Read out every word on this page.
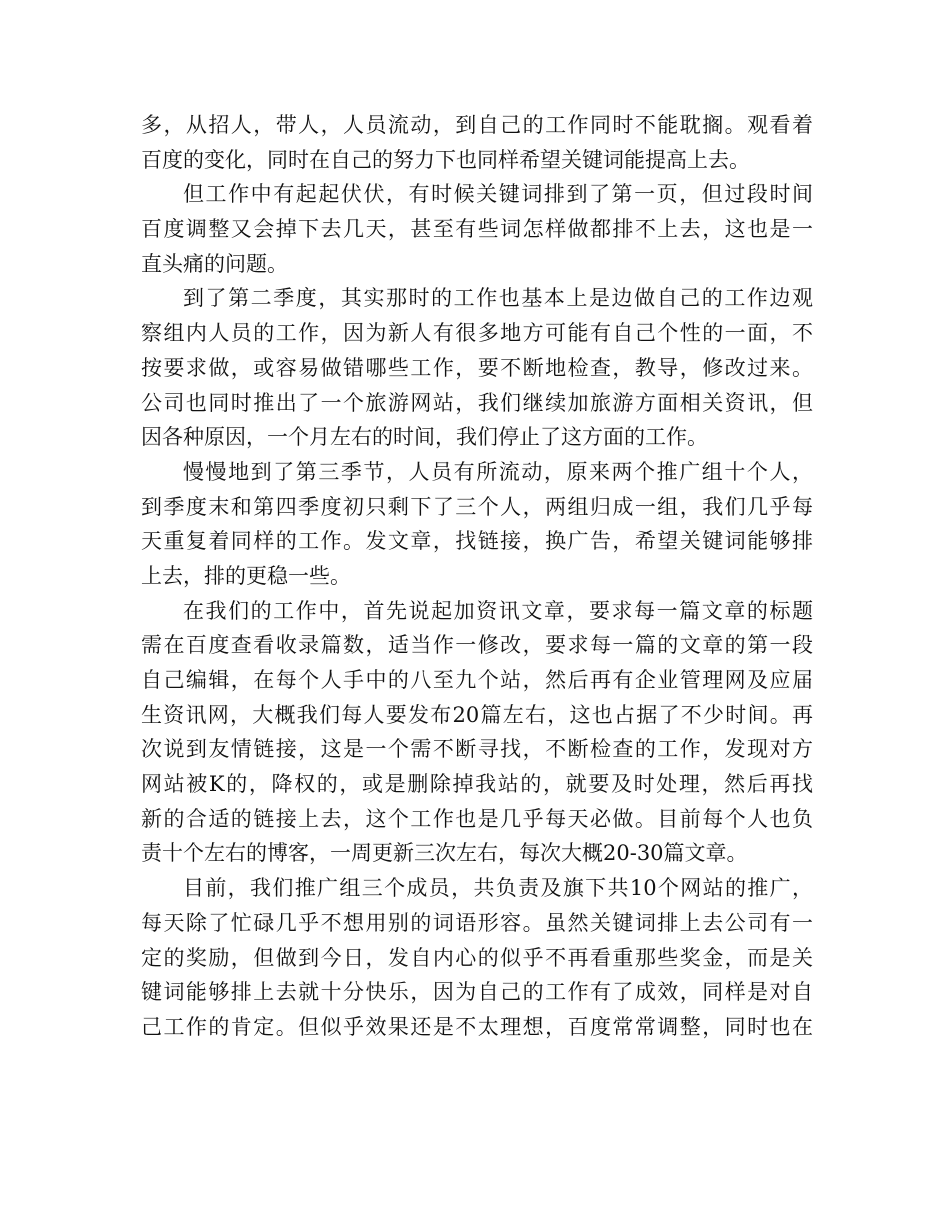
多，从招人，带人，人员流动，到自己的工作同时不能耽搁。观看着
百度的变化，同时在自己的努力下也同样希望关键词能提高上去。
但工作中有起起伏伏，有时候关键词排到了第一页，但过段时间
百度调整又会掉下去几天，甚至有些词怎样做都排不上去，这也是一
直头痛的问题。
到了第二季度，其实那时的工作也基本上是边做自己的工作边观
察组内人员的工作，因为新人有很多地方可能有自己个性的一面，不
按要求做，或容易做错哪些工作，要不断地检查，教导，修改过来。
公司也同时推出了一个旅游网站，我们继续加旅游方面相关资讯，但
因各种原因，一个月左右的时间，我们停止了这方面的工作。
慢慢地到了第三季节，人员有所流动，原来两个推广组十个人，
到季度末和第四季度初只剩下了三个人，两组归成一组，我们几乎每
天重复着同样的工作。发文章，找链接，换广告，希望关键词能够排
上去，排的更稳一些。
在我们的工作中，首先说起加资讯文章，要求每一篇文章的标题
需在百度查看收录篇数，适当作一修改，要求每一篇的文章的第一段
自己编辑，在每个人手中的八至九个站，然后再有企业管理网及应届
生资讯网，大概我们每人要发布20篇左右，这也占据了不少时间。再
次说到友情链接，这是一个需不断寻找，不断检查的工作，发现对方
网站被K的，降权的，或是删除掉我站的，就要及时处理，然后再找
新的合适的链接上去，这个工作也是几乎每天必做。目前每个人也负
责十个左右的博客，一周更新三次左右，每次大概20-30篇文章。
目前，我们推广组三个成员，共负责及旗下共10个网站的推广，
每天除了忙碌几乎不想用别的词语形容。虽然关键词排上去公司有一
定的奖励，但做到今日，发自内心的似乎不再看重那些奖金，而是关
键词能够排上去就十分快乐，因为自己的工作有了成效，同样是对自
己工作的肯定。但似乎效果还是不太理想，百度常常调整，同时也在
